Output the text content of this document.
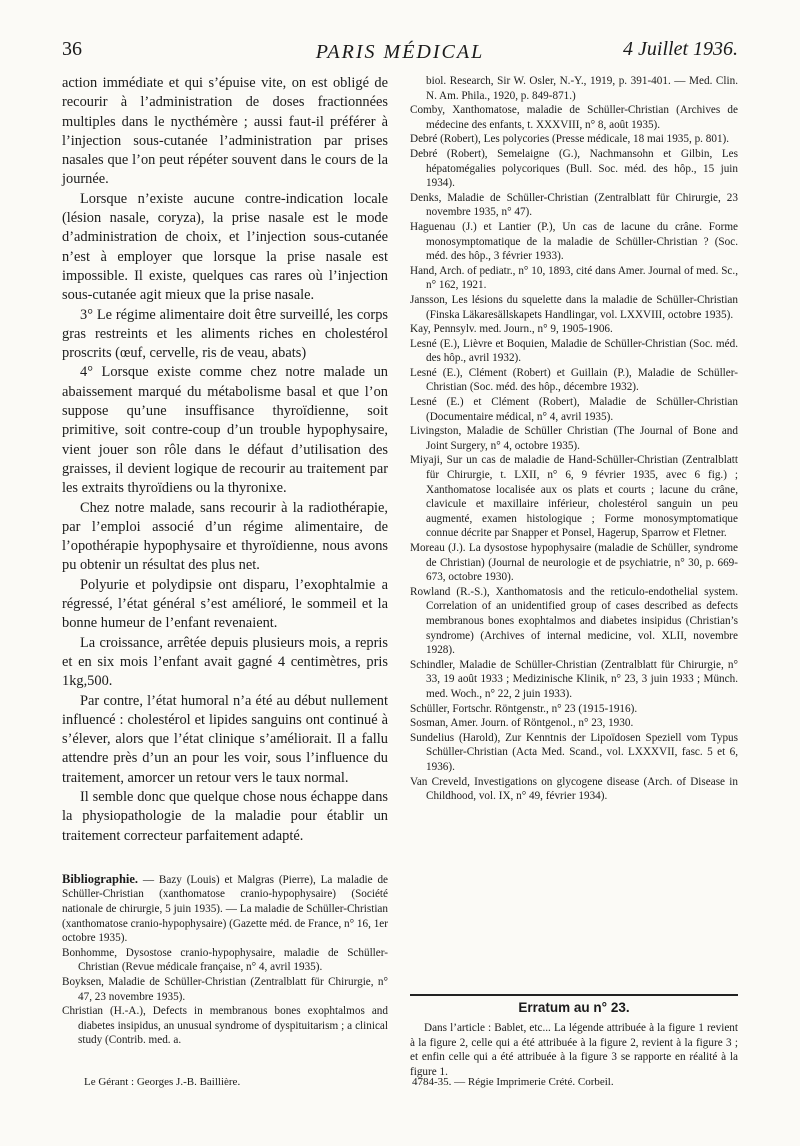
36	PARIS MÉDICAL	4 Juillet 1936.

action immédiate et qui s’épuise vite, on est obligé de recourir à l’administration de doses fractionnées multiples dans le nycthémère ; aussi faut-il préférer à l’injection sous-cutanée l’administration par prises nasales que l’on peut répéter souvent dans le cours de la journée.

Lorsque n’existe aucune contre-indication locale (lésion nasale, coryza), la prise nasale est le mode d’administration de choix, et l’injection sous-cutanée n’est à employer que lorsque la prise nasale est impossible. Il existe, quelques cas rares où l’injection sous-cutanée agit mieux que la prise nasale.

3° Le régime alimentaire doit être surveillé, les corps gras restreints et les aliments riches en cholestérol proscrits (œuf, cervelle, ris de veau, abats)

4° Lorsque existe comme chez notre malade un abaissement marqué du métabolisme basal et que l’on suppose qu’une insuffisance thyroïdienne, soit primitive, soit contre-coup d’un trouble hypophysaire, vient jouer son rôle dans le défaut d’utilisation des graisses, il devient logique de recourir au traitement par les extraits thyroïdiens ou la thyronixe.

Chez notre malade, sans recourir à la radiothérapie, par l’emploi associé d’un régime alimentaire, de l’opothérapie hypophysaire et thyroïdienne, nous avons pu obtenir un résultat des plus net.

Polyurie et polydipsie ont disparu, l’exophtalmie a régressé, l’état général s’est amélioré, le sommeil et la bonne humeur de l’enfant revenaient.

La croissance, arrêtée depuis plusieurs mois, a repris et en six mois l’enfant avait gagné 4 centimètres, pris 1kg,500.

Par contre, l’état humoral n’a été au début nullement influencé : cholestérol et lipides sanguins ont continué à s’élever, alors que l’état clinique s’améliorait. Il a fallu attendre près d’un an pour les voir, sous l’influence du traitement, amorcer un retour vers le taux normal.

Il semble donc que quelque chose nous échappe dans la physiopathologie de la maladie pour établir un traitement correcteur parfaitement adapté.

Bibliographie. — Bazy (Louis) et Malgras (Pierre), La maladie de Schüller-Christian (xanthomatose cranio-hypophysaire) (Société nationale de chirurgie, 5 juin 1935). — La maladie de Schüller-Christian (xanthomatose cranio-hypophysaire) (Gazette méd. de France, n° 16, 1er octobre 1935).

Bonhomme, Dysostose cranio-hypophysaire, maladie de Schüller-Christian (Revue médicale française, n° 4, avril 1935).

Boyksen, Maladie de Schüller-Christian (Zentralblatt für Chirurgie, n° 47, 23 novembre 1935).

Christian (H.-A.), Defects in membranous bones exophtalmos and diabetes insipidus, an unusual syndrome of dyspituitarism ; a clinical study (Contrib. med. a.

biol. Research, Sir W. Osler, N.-Y., 1919, p. 391-401. — Med. Clin. N. Am. Phila., 1920, p. 849-871.)

Comby, Xanthomatose, maladie de Schüller-Christian (Archives de médecine des enfants, t. XXXVIII, n° 8, août 1935).

Debré (Robert), Les polycories (Presse médicale, 18 mai 1935, p. 801).

Debré (Robert), Semelaigne (G.), Nachmansohn et Gilbin, Les hépatomégalies polycoriques (Bull. Soc. méd. des hôp., 15 juin 1934).

Denks, Maladie de Schüller-Christian (Zentralblatt für Chirurgie, 23 novembre 1935, n° 47).

Haguenau (J.) et Lantier (P.), Un cas de lacune du crâne. Forme monosymptomatique de la maladie de Schüller-Christian ? (Soc. méd. des hôp., 3 février 1933).

Hand, Arch. of pediatr., n° 10, 1893, cité dans Amer. Journal of med. Sc., n° 162, 1921.

Jansson, Les lésions du squelette dans la maladie de Schüller-Christian (Finska Läkaresällskapets Handlingar, vol. LXXVIII, octobre 1935).

Kay, Pennsylv. med. Journ., n° 9, 1905-1906.

Lesné (E.), Lièvre et Boquien, Maladie de Schüller-Christian (Soc. méd. des hôp., avril 1932).

Lesné (E.), Clément (Robert) et Guillain (P.), Maladie de Schüller-Christian (Soc. méd. des hôp., décembre 1932).

Lesné (E.) et Clément (Robert), Maladie de Schüller-Christian (Documentaire médical, n° 4, avril 1935).

Livingston, Maladie de Schüller Christian (The Journal of Bone and Joint Surgery, n° 4, octobre 1935).

Miyaji, Sur un cas de maladie de Hand-Schüller-Christian (Zentralblatt für Chirurgie, t. LXII, n° 6, 9 février 1935, avec 6 fig.) ; Xanthomatose localisée aux os plats et courts ; lacune du crâne, clavicule et maxillaire inférieur, cholestérol sanguin un peu augmenté, examen histologique ; Forme monosymptomatique connue décrite par Snapper et Ponsel, Hagerup, Sparrow et Fletner.

Moreau (J.). La dysostose hypophysaire (maladie de Schüller, syndrome de Christian) (Journal de neurologie et de psychiatrie, n° 30, p. 669-673, octobre 1930).

Rowland (R.-S.), Xanthomatosis and the reticulo-endothelial system. Correlation of an unidentified group of cases described as defects membranous bones exophtalmos and diabetes insipidus (Christian’s syndrome) (Archives of internal medicine, vol. XLII, novembre 1928).

Schindler, Maladie de Schüller-Christian (Zentralblatt für Chirurgie, n° 33, 19 août 1933 ; Medizinische Klinik, n° 23, 3 juin 1933 ; Münch. med. Woch., n° 22, 2 juin 1933).

Schüller, Fortschr. Röntgenstr., n° 23 (1915-1916).

Sosman, Amer. Journ. of Röntgenol., n° 23, 1930.

Sundelius (Harold), Zur Kenntnis der Lipoïdosen Speziell vom Typus Schüller-Christian (Acta Med. Scand., vol. LXXXVII, fasc. 5 et 6, 1936).

Van Creveld, Investigations on glycogene disease (Arch. of Disease in Childhood, vol. IX, n° 49, février 1934).

Erratum au n° 23.

Dans l’article : Bablet, etc... La légende attribuée à la figure 1 revient à la figure 2, celle qui a été attribuée à la figure 2, revient à la figure 3 ; et enfin celle qui a été attribuée à la figure 3 se rapporte en réalité à la figure 1.

Le Gérant : Georges J.-B. Baillière.	4784-35. — Régie Imprimerie Crété. Corbeil.
